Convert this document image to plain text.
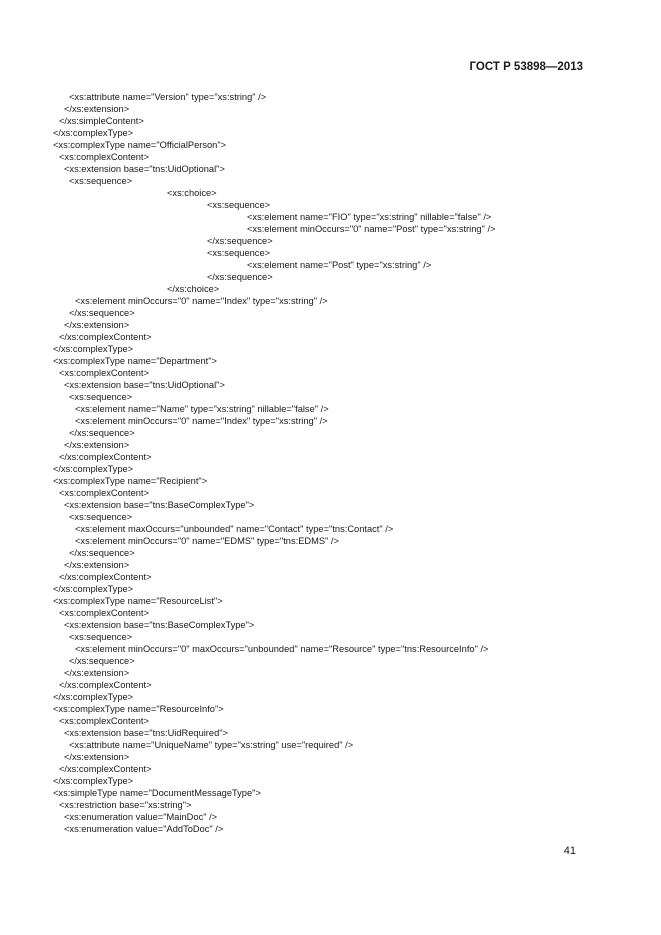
ГОСТ Р 53898—2013
<xs:attribute name="Version" type="xs:string" />
</xs:extension>
</xs:simpleContent>
</xs:complexType>
<xs:complexType name="OfficialPerson">
<xs:complexContent>
<xs:extension base="tns:UidOptional">
<xs:sequence>
<xs:choice>
<xs:sequence>
<xs:element name="FIO" type="xs:string" nillable="false" />
<xs:element minOccurs="0" name="Post" type="xs:string" />
</xs:sequence>
<xs:sequence>
<xs:element name="Post" type="xs:string" />
</xs:sequence>
</xs:choice>
<xs:element minOccurs="0" name="Index" type="xs:string" />
</xs:sequence>
</xs:extension>
</xs:complexContent>
</xs:complexType>
<xs:complexType name="Department">
<xs:complexContent>
<xs:extension base="tns:UidOptional">
<xs:sequence>
<xs:element name="Name" type="xs:string" nillable="false" />
<xs:element minOccurs="0" name="Index" type="xs:string" />
</xs:sequence>
</xs:extension>
</xs:complexContent>
</xs:complexType>
<xs:complexType name="Recipient">
<xs:complexContent>
<xs:extension base="tns:BaseComplexType">
<xs:sequence>
<xs:element maxOccurs="unbounded" name="Contact" type="tns:Contact" />
<xs:element minOccurs="0" name="EDMS" type="tns:EDMS" />
</xs:sequence>
</xs:extension>
</xs:complexContent>
</xs:complexType>
<xs:complexType name="ResourceList">
<xs:complexContent>
<xs:extension base="tns:BaseComplexType">
<xs:sequence>
<xs:element minOccurs="0" maxOccurs="unbounded" name="Resource" type="tns:ResourceInfo" />
</xs:sequence>
</xs:extension>
</xs:complexContent>
</xs:complexType>
<xs:complexType name="ResourceInfo">
<xs:complexContent>
<xs:extension base="tns:UidRequired">
<xs:attribute name="UniqueName" type="xs:string" use="required" />
</xs:extension>
</xs:complexContent>
</xs:complexType>
<xs:simpleType name="DocumentMessageType">
<xs:restriction base="xs:string">
<xs:enumeration value="MainDoc" />
<xs:enumeration value="AddToDoc" />
41
